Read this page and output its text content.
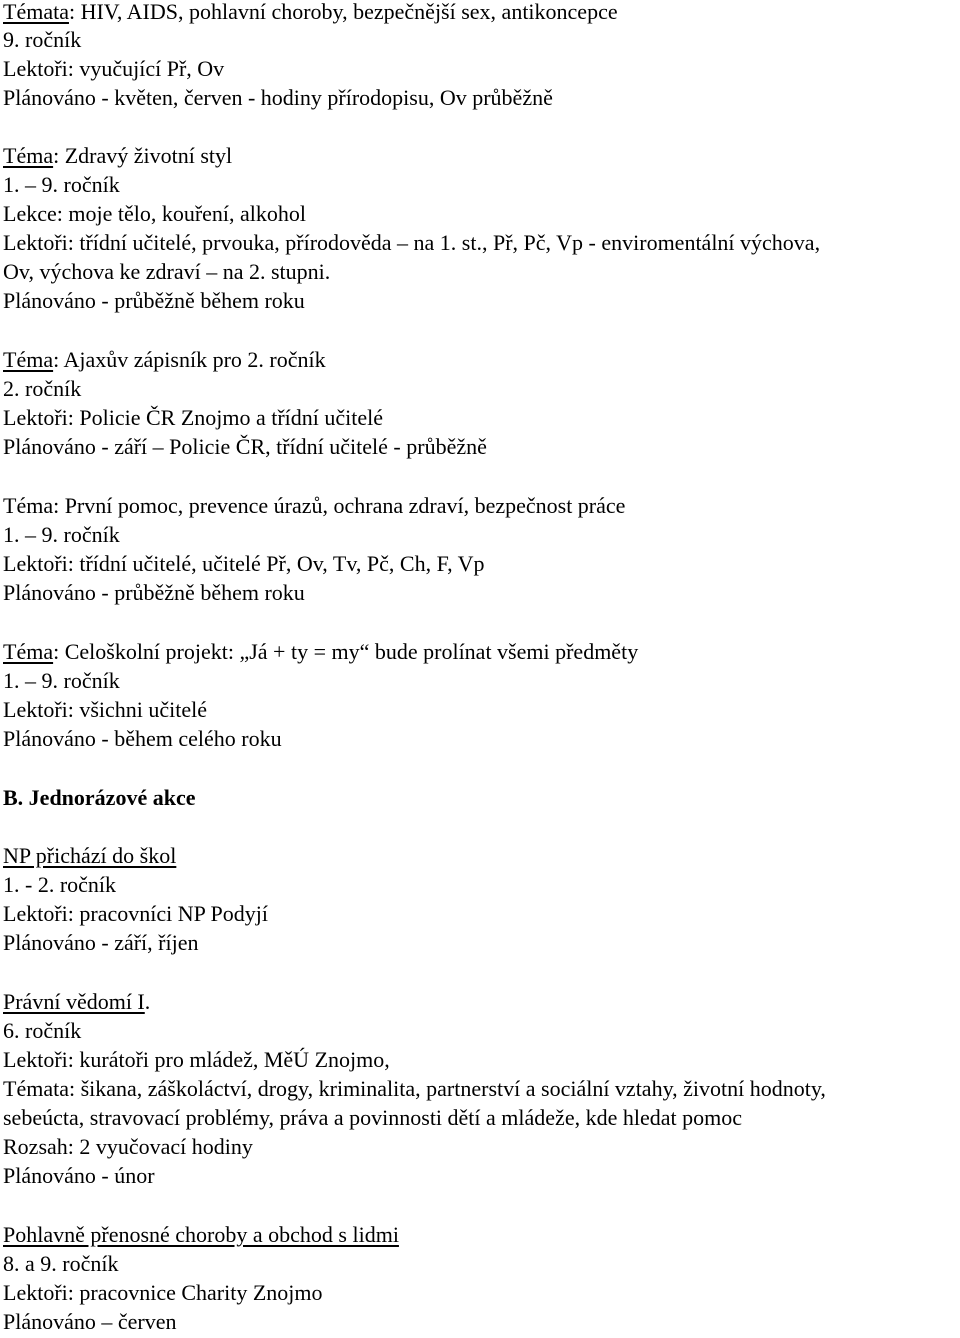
Témata: HIV, AIDS, pohlavní choroby, bezpečnější sex, antikoncepce
9. ročník
Lektoři: vyučující Př, Ov
Plánováno - květen, červen - hodiny přírodopisu, Ov průběžně
Téma: Zdravý životní styl
1. – 9. ročník
Lekce: moje tělo, kouření, alkohol
Lektoři: třídní učitelé, prvouka, přírodověda – na 1. st., Př, Pč, Vp - enviromentální výchova,
Ov, výchova ke zdraví – na 2. stupni.
Plánováno - průběžně během roku
Téma: Ajaxův zápisník pro 2. ročník
2. ročník
Lektoři: Policie ČR Znojmo a třídní učitelé
Plánováno - září – Policie ČR, třídní učitelé - průběžně
Téma: První pomoc, prevence úrazů, ochrana zdraví, bezpečnost práce
1. – 9. ročník
Lektoři: třídní učitelé, učitelé Př, Ov, Tv, Pč, Ch, F, Vp
Plánováno - průběžně během roku
Téma: Celoškolní projekt: „Já + ty = my“ bude prolínat všemi předměty
1. – 9. ročník
Lektoři: všichni učitelé
Plánováno - během celého roku
B. Jednorázové akce
NP přichází do škol
1. - 2. ročník
Lektoři: pracovníci NP Podyjí
Plánováno - září, říjen
Právní vědomí I.
6. ročník
Lektoři: kurátoři pro mládež, MěÚ Znojmo,
Témata: šikana, záškoláctví, drogy, kriminalita, partnerství a sociální vztahy, životní hodnoty,
sebeúcta, stravovací problémy, práva a povinnosti dětí a mládeže, kde hledat pomoc
Rozsah: 2 vyučovací hodiny
Plánováno - únor
Pohlavně přenosné choroby a obchod s lidmi
8. a 9. ročník
Lektoři: pracovnice Charity Znojmo
Plánováno – červen
